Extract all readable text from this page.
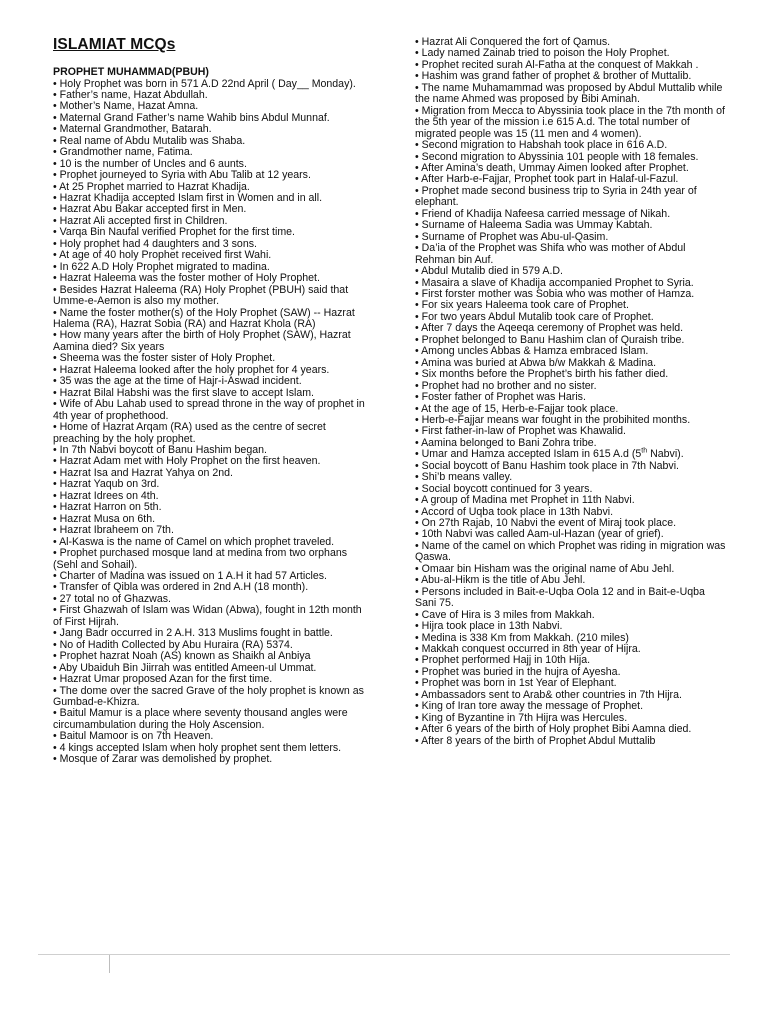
ISLAMIAT MCQs

PROPHET MUHAMMAD(PBUH)

• Holy Prophet was born in 571 A.D 22nd April ( Day__ Monday).
• Father’s name, Hazat Abdullah.
• Mother’s Name, Hazat Amna.
• Maternal Grand Father’s name Wahib bins Abdul Munnaf.
• Maternal Grandmother, Batarah.
• Real name of Abdu Mutalib was Shaba.
• Grandmother name, Fatima.
• 10 is the number of Uncles and 6 aunts.
• Prophet journeyed to Syria with Abu Talib at 12 years.
• At 25 Prophet married to Hazrat Khadija.
• Hazrat Khadija accepted Islam first in Women and in all.
• Hazrat Abu Bakar accepted first in Men.
• Hazrat Ali accepted first in Children.
• Varqa Bin Naufal verified Prophet for the first time.
• Holy prophet had 4 daughters and 3 sons.
• At age of 40 holy Prophet received first Wahi.
• In 622 A.D Holy Prophet migrated to madina.
• Hazrat Haleema was the foster mother of Holy Prophet.
• Besides Hazrat Haleema (RA) Holy Prophet (PBUH) said that Umme-e-Aemon is also my mother.
• Name the foster mother(s) of the Holy Prophet (SAW) -- Hazrat Halema (RA), Hazrat Sobia (RA) and Hazrat Khola (RA)
• How many years after the birth of Holy Prophet (SAW), Hazrat Aamina died? Six years
• Sheema was the foster sister of Holy Prophet.
• Hazrat Haleema looked after the holy prophet for 4 years.
• 35 was the age at the time of Hajr-i-Aswad incident.
• Hazrat Bilal Habshi was the first slave to accept Islam.
• Wife of Abu Lahab used to spread throne in the way of prophet in 4th year of prophethood.
• Home of Hazrat Arqam (RA) used as the centre of secret preaching by the holy prophet.
• In 7th Nabvi boycott of Banu Hashim began.
• Hazrat Adam met with Holy Prophet on the first heaven.
• Hazrat Isa and Hazrat Yahya on 2nd.
• Hazrat Yaqub on 3rd.
• Hazrat Idrees on 4th.
• Hazrat Harron on 5th.
• Hazrat Musa on 6th.
• Hazrat Ibraheem on 7th.
• Al-Kaswa is the name of Camel on which prophet traveled.
• Prophet purchased mosque land at medina from two orphans (Sehl and Sohail).
• Charter of Madina was issued on 1 A.H it had 57 Articles.
• Transfer of Qibla was ordered in 2nd A.H (18 month).
• 27 total no of Ghazwas.
• First Ghazwah of Islam was Widan (Abwa), fought in 12th month of First Hijrah.
• Jang Badr occurred in 2 A.H. 313 Muslims fought in battle.
• No of Hadith Collected by Abu Huraira (RA) 5374.
• Prophet hazrat Noah (AS) known as Shaikh al Anbiya
• Aby Ubaiduh Bin Jiirrah was entitled Ameen-ul Ummat.
• Hazrat Umar proposed Azan for the first time.
• The dome over the sacred Grave of the holy prophet is known as Gumbad-e-Khizra.
• Baitul Mamur is a place where seventy thousand angles were circumambulation during the Holy Ascension.
• Baitul Mamoor is on 7th Heaven.
• 4 kings accepted Islam when holy prophet sent them letters.
• Mosque of Zarar was demolished by prophet.
• Hazrat Ali Conquered the fort of Qamus.
• Lady named Zainab tried to poison the Holy Prophet.
• Prophet recited surah Al-Fatha at the conquest of Makkah .
• Hashim was grand father of prophet & brother of Muttalib.
• The name Muhamammad was proposed by Abdul Muttalib while the name Ahmed was proposed by Bibi Aminah.
• Migration from Mecca to Abyssinia took place in the 7th month of the 5th year of the mission i.e 615 A.d. The total number of migrated people was 15 (11 men and 4 women).
• Second migration to Habshah took place in 616 A.D.
• Second migration to Abyssinia 101 people with 18 females.
• After Amina’s death, Ummay Aimen looked after Prophet.
• After Harb-e-Fajjar, Prophet took part in Halaf-ul-Fazul.
• Prophet made second business trip to Syria in 24th year of elephant.
• Friend of Khadija Nafeesa carried message of Nikah.
• Surname of Haleema Sadia was Ummay Kabtah.
• Surname of Prophet was Abu-ul-Qasim.
• Da’ia of the Prophet was Shifa who was mother of Abdul Rehman bin Auf.
• Abdul Mutalib died in 579 A.D.
• Masaira a slave of Khadija accompanied Prophet to Syria.
• First forster mother was Sobia who was mother of Hamza.
• For six years Haleema took care of Prophet.
• For two years Abdul Mutalib took care of Prophet.
• After 7 days the Aqeeqa ceremony of Prophet was held.
• Prophet belonged to Banu Hashim clan of Quraish tribe.
• Among uncles Abbas & Hamza embraced Islam.
• Amina was buried at Abwa b/w Makkah & Madina.
• Six months before the Prophet’s birth his father died.
• Prophet had no brother and no sister.
• Foster father of Prophet was Haris.
• At the age of 15, Herb-e-Fajjar took place.
• Herb-e-Fajjar means war fought in the probihited months.
• First father-in-law of Prophet was Khawalid.
• Aamina belonged to Bani Zohra tribe.
• Umar and Hamza accepted Islam in 615 A.d (5th Nabvi).
• Social boycott of Banu Hashim took place in 7th Nabvi.
• Shi’b means valley.
• Social boycott continued for 3 years.
• A group of Madina met Prophet in 11th Nabvi.
• Accord of Uqba took place in 13th Nabvi.
• On 27th Rajab, 10 Nabvi the event of Miraj took place.
• 10th Nabvi was called Aam-ul-Hazan (year of grief).
• Name of the camel on which Prophet was riding in migration was Qaswa.
• Omaar bin Hisham was the original name of Abu Jehl.
• Abu-al-Hikm is the title of Abu Jehl.
• Persons included in Bait-e-Uqba Oola 12 and in Bait-e-Uqba Sani 75.
• Cave of Hira is 3 miles from Makkah.
• Hijra took place in 13th Nabvi.
• Medina is 338 Km from Makkah. (210 miles)
• Makkah conquest occurred in 8th year of Hijra.
• Prophet performed Hajj in 10th Hija.
• Prophet was buried in the hujra of Ayesha.
• Prophet was born in 1st Year of Elephant.
• Ambassadors sent to Arab& other countries in 7th Hijra.
• King of Iran tore away the message of Prophet.
• King of Byzantine in 7th Hijra was Hercules.
• After 6 years of the birth of Holy prophet Bibi Aamna died.
• After 8 years of the birth of Prophet Abdul Muttalib
